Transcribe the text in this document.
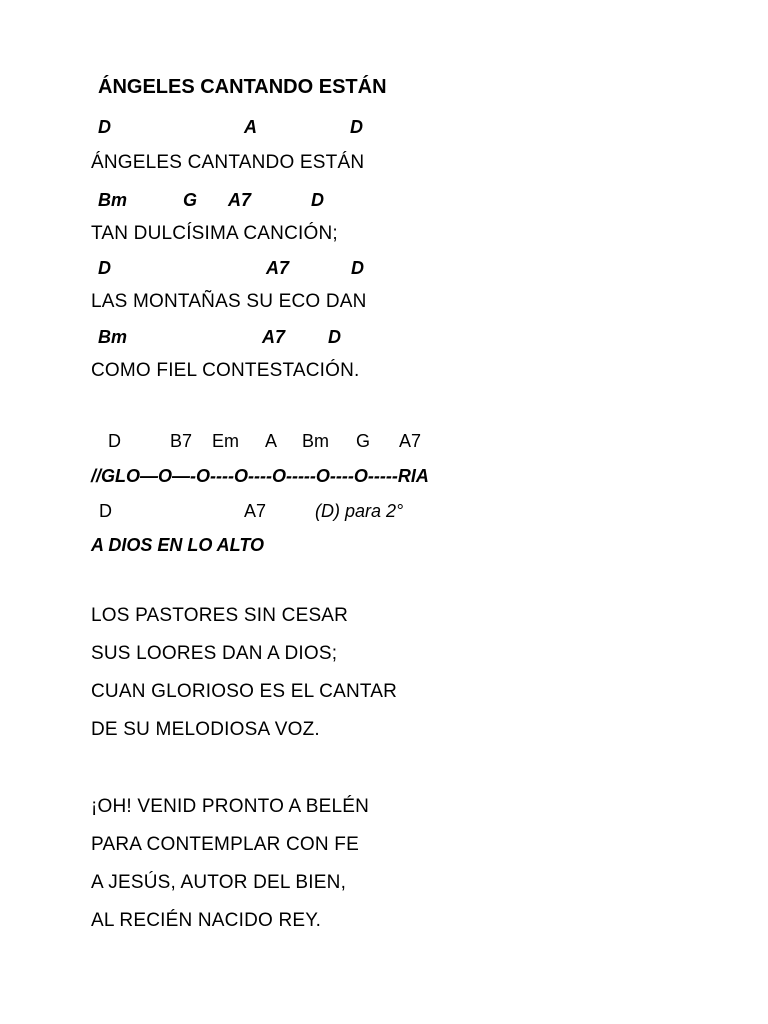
ÁNGELES CANTANDO ESTÁN
D	A	D
ÁNGELES CANTANDO ESTÁN
Bm	G A7	D
TAN DULCÍSIMA CANCIÓN;
D	A7	D
LAS MONTAÑAS SU ECO DAN
Bm	A7 D
COMO FIEL CONTESTACIÓN.
D	B7 Em A Bm G A7
//GLO—O—-O----O----O-----O----O-----RIA
D	A7	(D) para 2°
A DIOS EN LO ALTO
LOS PASTORES SIN CESAR
SUS LOORES DAN A DIOS;
CUAN GLORIOSO ES EL CANTAR
DE SU MELODIOSA VOZ.
¡OH! VENID PRONTO A BELÉN
PARA CONTEMPLAR CON FE
A JESÚS, AUTOR DEL BIEN,
AL RECIÉN NACIDO REY.
